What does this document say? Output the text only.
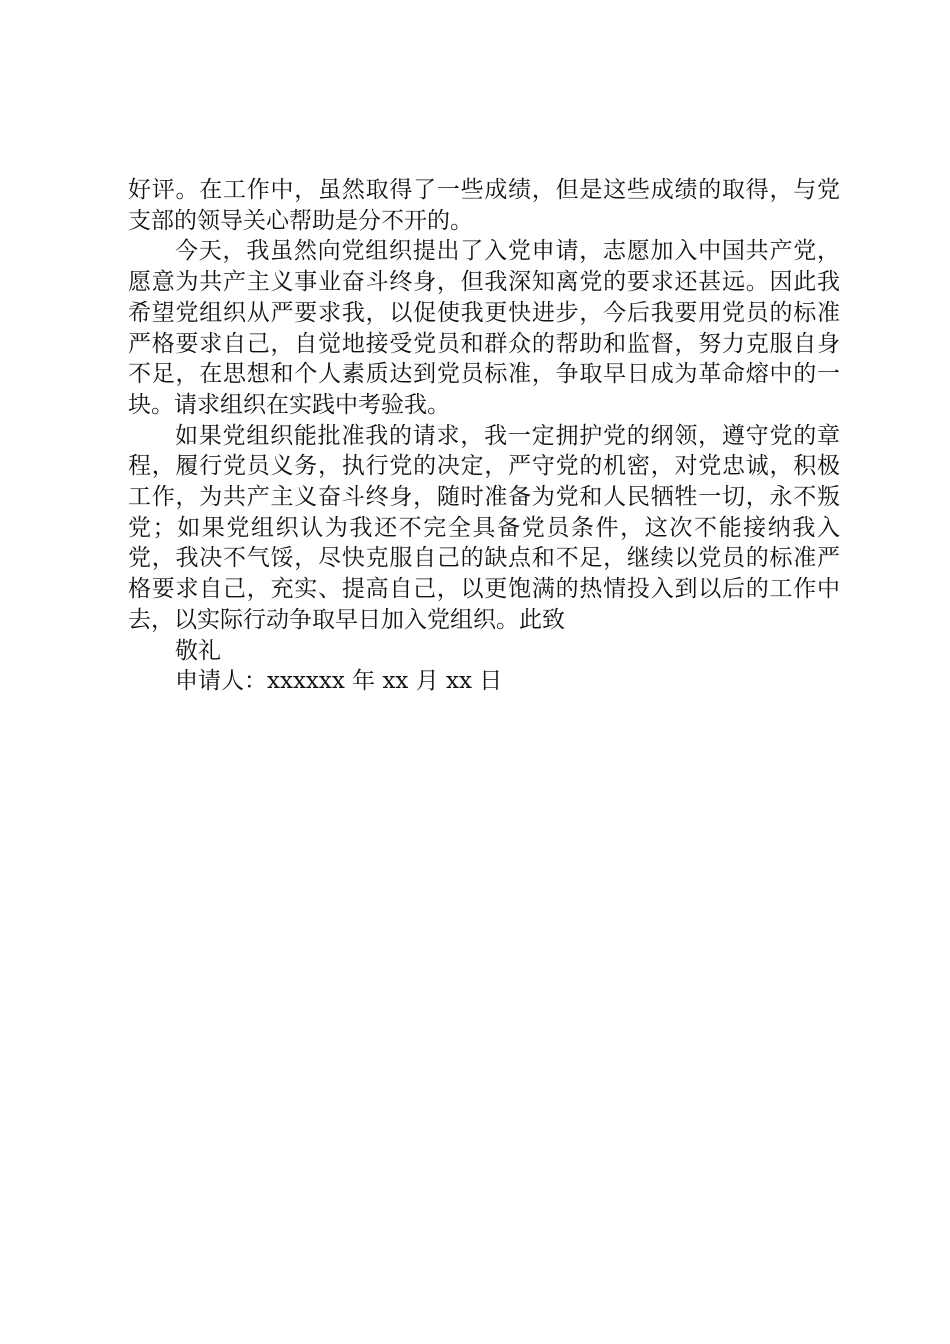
好评。在工作中，虽然取得了一些成绩，但是这些成绩的取得，与党支部的领导关心帮助是分不开的。

今天，我虽然向党组织提出了入党申请，志愿加入中国共产党，愿意为共产主义事业奋斗终身，但我深知离党的要求还甚远。因此我希望党组织从严要求我，以促使我更快进步，今后我要用党员的标准严格要求自己，自觉地接受党员和群众的帮助和监督，努力克服自身不足，在思想和个人素质达到党员标准，争取早日成为革命熔中的一块。请求组织在实践中考验我。

如果党组织能批准我的请求，我一定拥护党的纲领，遵守党的章程，履行党员义务，执行党的决定，严守党的机密，对党忠诚，积极工作，为共产主义奋斗终身，随时准备为党和人民牺牲一切，永不叛党；如果党组织认为我还不完全具备党员条件，这次不能接纳我入党，我决不气馁，尽快克服自己的缺点和不足，继续以党员的标准严格要求自己，充实、提高自己，以更饱满的热情投入到以后的工作中去，以实际行动争取早日加入党组织。此致

敬礼

申请人：xxxxxx 年 xx 月 xx 日
